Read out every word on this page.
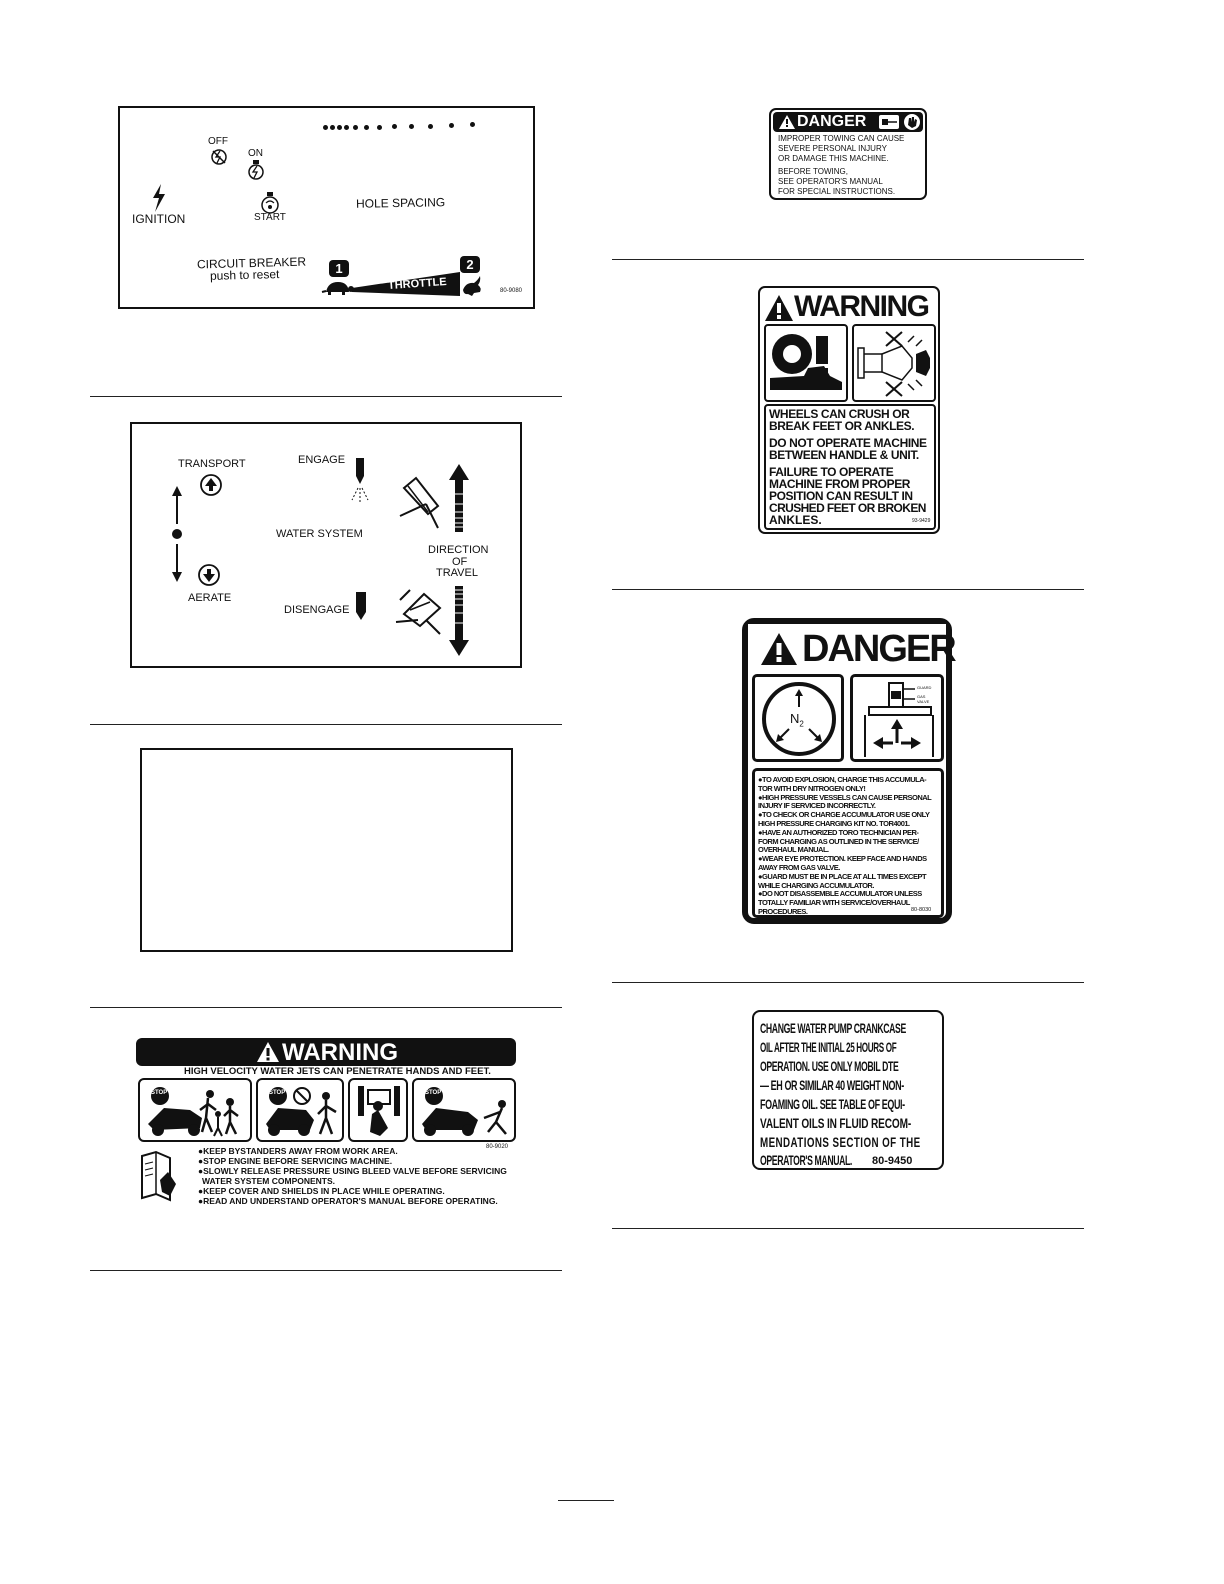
OFF
ON
IGNITION	START
HOLE SPACING
CIRCUIT BREAKER
push to reset	1	2
THROTTLE	80-9080
TRANSPORT
AERATE
ENGAGE
WATER SYSTEM
DISENGAGE
DIRECTION
OF
TRAVEL
WARNING
HIGH VELOCITY WATER JETS CAN PENETRATE HANDS AND FEET.
STOP	STOP	STOP
80-9020
●KEEP BYSTANDERS AWAY FROM WORK AREA.
●STOP ENGINE BEFORE SERVICING MACHINE.
●SLOWLY RELEASE PRESSURE USING BLEED VALVE BEFORE SERVICING
WATER SYSTEM COMPONENTS.
●KEEP COVER AND SHIELDS IN PLACE WHILE OPERATING.
●READ AND UNDERSTAND OPERATOR'S MANUAL BEFORE OPERATING.
DANGER
IMPROPER TOWING CAN CAUSE
SEVERE PERSONAL INJURY
OR DAMAGE THIS MACHINE.
BEFORE TOWING,
SEE OPERATOR'S MANUAL
FOR SPECIAL INSTRUCTIONS.
WARNING
WHEELS CAN CRUSH OR
BREAK FEET OR ANKLES.
DO NOT OPERATE MACHINE
BETWEEN HANDLE & UNIT.
FAILURE TO OPERATE
MACHINE FROM PROPER
POSITION CAN RESULT IN
CRUSHED FEET OR BROKEN
ANKLES.	93-9429
DANGER
$N_2$
GUARD
GAS
VALVE
●TO AVOID EXPLOSION, CHARGE THIS ACCUMULA-
TOR WITH DRY NITROGEN ONLY!
●HIGH PRESSURE VESSELS CAN CAUSE PERSONAL
INJURY IF SERVICED INCORRECTLY.
●TO CHECK OR CHARGE ACCUMULATOR USE ONLY
HIGH PRESSURE CHARGING KIT NO. TOR4001.
●HAVE AN AUTHORIZED TORO TECHNICIAN PER-
FORM CHARGING AS OUTLINED IN THE SERVICE/
OVERHAUL MANUAL.
●WEAR EYE PROTECTION. KEEP FACE AND HANDS
AWAY FROM GAS VALVE.
●GUARD MUST BE IN PLACE AT ALL TIMES EXCEPT
WHILE CHARGING ACCUMULATOR.
●DO NOT DISASSEMBLE ACCUMULATOR UNLESS
TOTALLY FAMILIAR WITH SERVICE/OVERHAUL
PROCEDURES.	80-8030
CHANGE WATER PUMP CRANKCASE
OIL AFTER THE INITIAL 25 HOURS OF
OPERATION. USE ONLY MOBIL DTE
— EH OR SIMILAR 40 WEIGHT NON-
FOAMING OIL. SEE TABLE OF EQUI-
VALENT OILS IN FLUID RECOM-
MENDATIONS SECTION OF THE
OPERATOR'S MANUAL. 80-9450
